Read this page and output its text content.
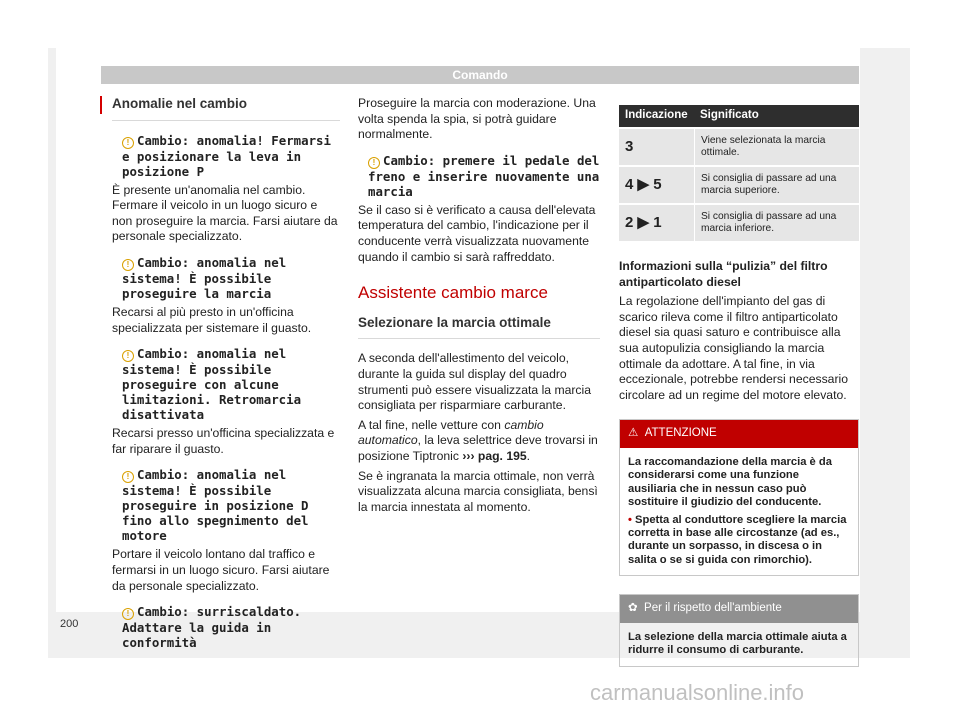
Comando
Anomalie nel cambio
! Cambio: anomalia! Fermarsi e posizionare la leva in posizione P

È presente un'anomalia nel cambio. Fermare il veicolo in un luogo sicuro e non proseguire la marcia. Farsi aiutare da personale specializzato.

! Cambio: anomalia nel sistema! È possibile proseguire la marcia

Recarsi al più presto in un'officina specializzata per sistemare il guasto.

! Cambio: anomalia nel sistema! È possibile proseguire con alcune limitazioni. Retromarcia disattivata

Recarsi presso un'officina specializzata e far riparare il guasto.

! Cambio: anomalia nel sistema! È possibile proseguire in posizione D fino allo spegnimento del motore

Portare il veicolo lontano dal traffico e fermarsi in un luogo sicuro. Farsi aiutare da personale specializzato.

! Cambio: surriscaldato. Adattare la guida in conformità

Proseguire la marcia con moderazione. Una volta spenda la spia, si potrà guidare normalmente.

! Cambio: premere il pedale del freno e inserire nuovamente una marcia

Se il caso si è verificato a causa dell'elevata temperatura del cambio, l'indicazione per il conducente verrà visualizzata nuovamente quando il cambio si sarà raffreddato.

Assistente cambio marce
Selezionare la marcia ottimale

A seconda dell'allestimento del veicolo, durante la guida sul display del quadro strumenti può essere visualizzata la marcia consigliata per risparmiare carburante.

A tal fine, nelle vetture con cambio automatico, la leva selettrice deve trovarsi in posizione Tiptronic ››› pag. 195.

Se è ingranata la marcia ottimale, non verrà visualizzata alcuna marcia consigliata, bensì la marcia innestata al momento.

Indicazione	Significato
3	Viene selezionata la marcia ottimale.
4 ▶ 5	Si consiglia di passare ad una marcia superiore.
2 ▶ 1	Si consiglia di passare ad una marcia inferiore.
Informazioni sulla “pulizia” del filtro antiparticolato diesel

La regolazione dell'impianto del gas di scarico rileva come il filtro antiparticolato diesel sia quasi saturo e contribuisce alla sua autopulizia consigliando la marcia ottimale da adottare. A tal fine, in via eccezionale, potrebbe rendersi necessario circolare ad un regime del motore elevato.

⚠ ATTENZIONE
La raccomandazione della marcia è da considerarsi come una funzione ausiliaria che in nessun caso può sostituire il giudizio del conducente.
• Spetta al conduttore scegliere la marcia corretta in base alle circostanze (ad es., durante un sorpasso, in discesa o in salita o se si guida con rimorchio).
✿ Per il rispetto dell'ambiente
La selezione della marcia ottimale aiuta a ridurre il consumo di carburante.
200
carmanualsonline.info
